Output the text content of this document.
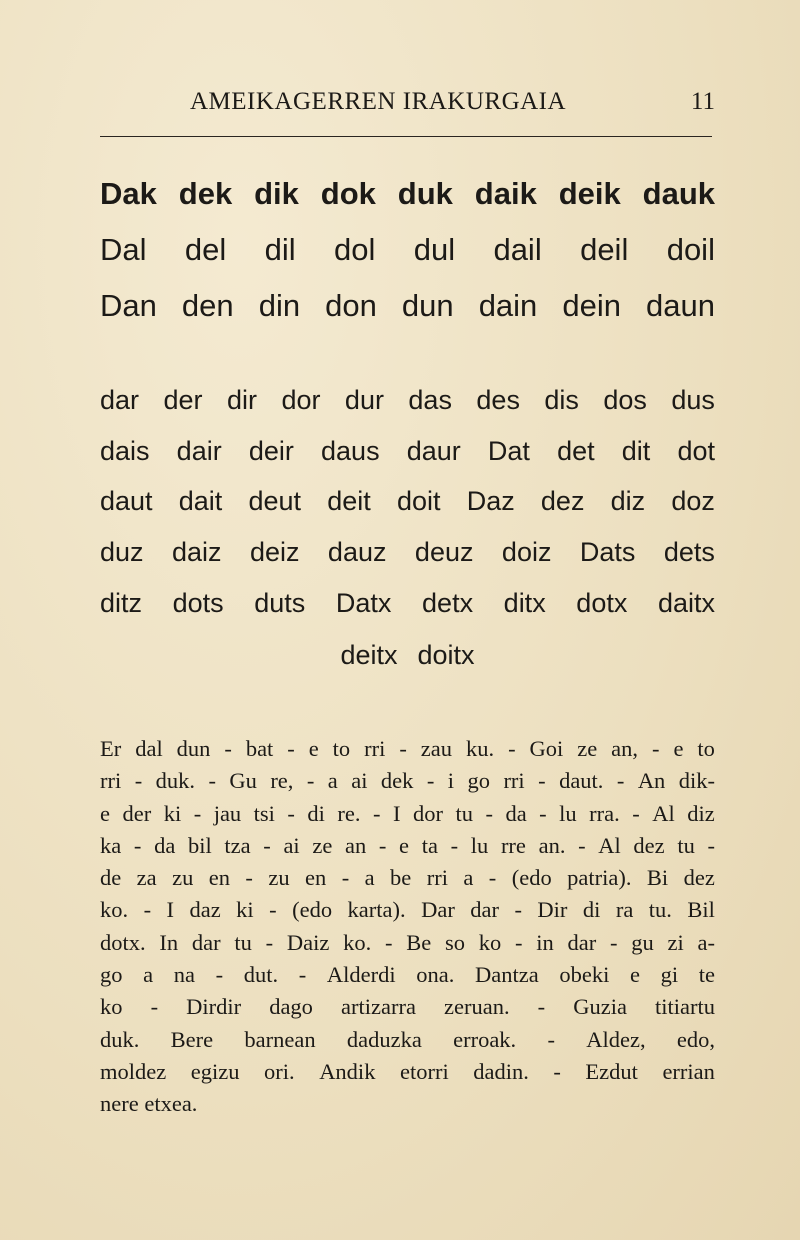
AMEIKAGERREN IRAKURGAIA	11
Dak dek dik dok duk daik deik dauk
Dal del dil dol dul dail deil doil
Dan den din don dun dain dein daun
dar der dir dor dur das des dis dos dus
dais dair deir daus daur Dat det dit dot
daut dait deut deit doit Daz dez diz doz
duz daiz deiz dauz deuz doiz Dats dets
ditz dots duts Datx detx ditx dotx daitx
deitx doitx
Er dal dun - bat - e to rri - zau ku. - Goi ze an, - e to
rri - duk. - Gu re, - a ai dek - i go rri - daut. - An dik-
e der ki - jau tsi - di re. - I dor tu - da - lu rra. - Al diz
ka - da bil tza - ai ze an - e ta - lu rre an. - Al dez tu -
de za zu en - zu en - a be rri a - (edo patria). Bi dez
ko. - I daz ki - (edo karta). Dar dar - Dir di ra tu. Bil
dotx. In dar tu - Daiz ko. - Be so ko - in dar - gu zi a-
go a na - dut. - Alderdi ona. Dantza obeki e gi te
ko - Dirdir dago artizarra zeruan. - Guzia titiartu
duk. Bere barnean daduzka erroak. - Aldez, edo,
moldez egizu ori. Andik etorri dadin. - Ezdut errian
nere etxea.
